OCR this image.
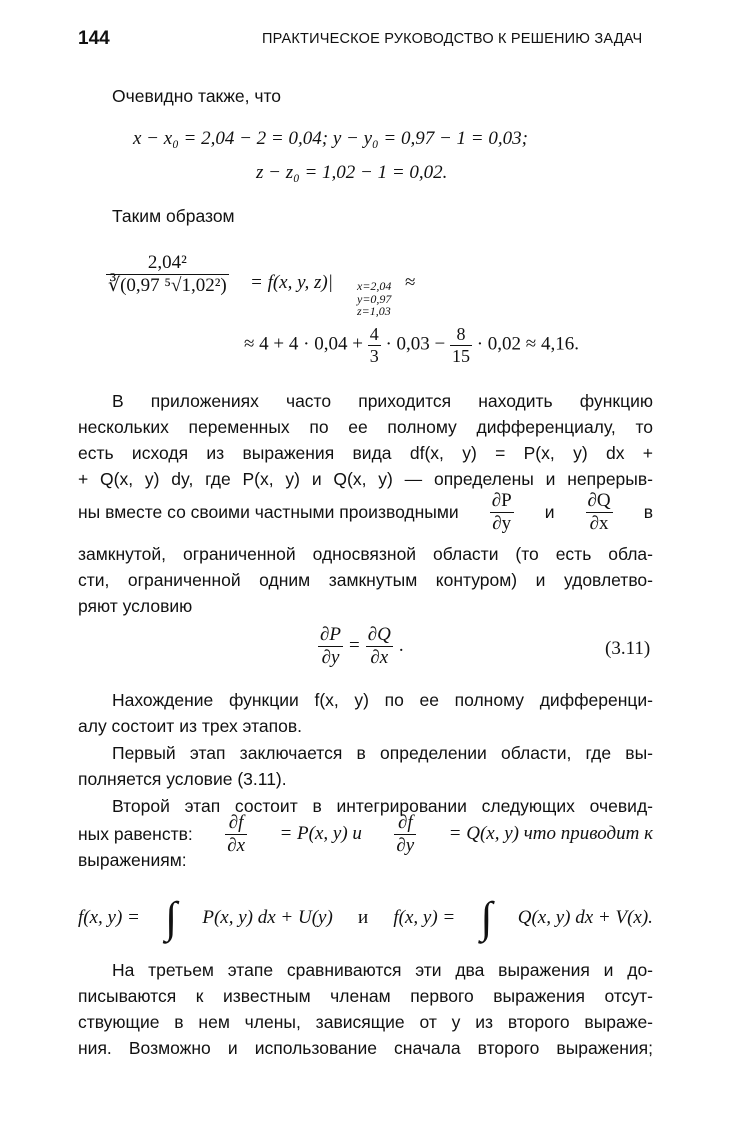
144	ПРАКТИЧЕСКОЕ РУКОВОДСТВО К РЕШЕНИЮ ЗАДАЧ
Очевидно также, что
x − x₀ = 2,04 − 2 = 0,04; y − y₀ = 0,97 − 1 = 0,03;
z − z₀ = 1,02 − 1 = 0,02.
Таким образом
$\frac{\text{2,04²}}{\text{∛(0,97 ⁵√1,02²)}} = f(x$, y, z)| x=2,04
y=0,97
z=1,03
≈
≈ $4 + 4 \cdot 0,04 + \frac{4}{3} \cdot 0,03 - \frac{8}{15} \cdot 0,02 \approx 4,16$.
В приложениях часто приходится находить функцию
нескольких переменных по ее полному дифференциалу, то
есть исходя из выражения вида df(x, y) = P(x, y) dx +
+ Q(x, y) dy, где P(x, y) и Q(x, y) — определены и непрерыв-
ны вместе со своими частными производными $\frac{\partial P}{\partial y}$ и $\frac{\partial Q}{\partial x}$ в
замкнутой, ограниченной односвязной области (то есть обла-
сти, ограниченной одним замкнутым контуром) и удовлетво-
ряют условию
$\frac{\partial P}{\partial y} = \frac{\partial Q}{\partial x}$ .	(3.11)
Нахождение функции f(x, y) по ее полному дифференци-
алу состоит из трех этапов.
Первый этап заключается в определении области, где вы-
полняется условие (3.11).
Второй этап состоит в интегрировании следующих очевид-
ных равенств: $\frac{\partial f}{\partial x} = P(x$, y) и $\frac{\partial f}{\partial y} = Q(x$, y) что приводит к
выражениям:
f(x, y) = ∫ P(x, y) dx + U(y) и f(x, y) = ∫ Q(x, y) dx + V(x).
На третьем этапе сравниваются эти два выражения и до-
писываются к известным членам первого выражения отсут-
ствующие в нем члены, зависящие от y из второго выраже-
ния. Возможно и использование сначала второго выражения;
